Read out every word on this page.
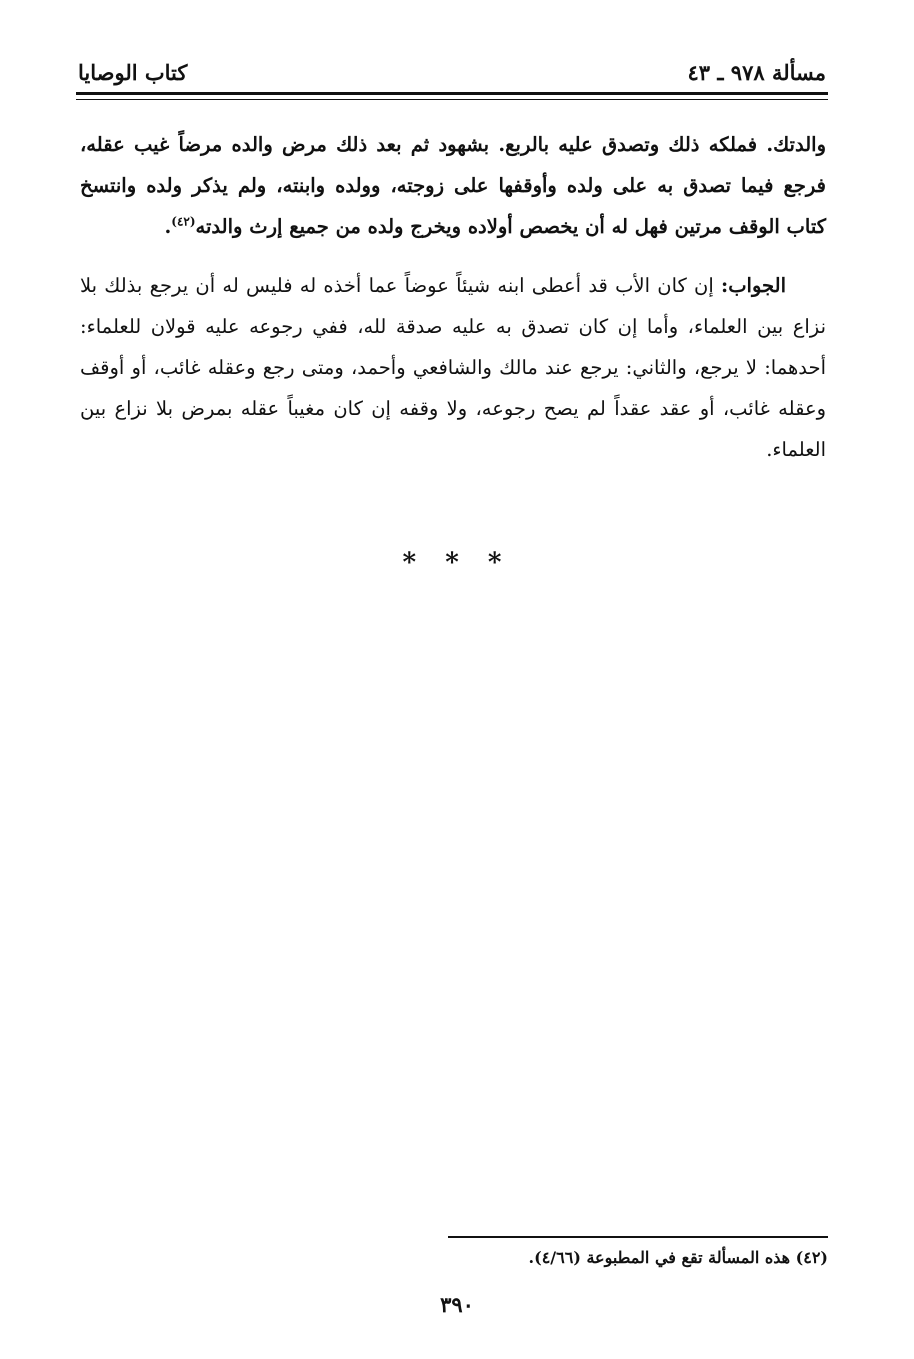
مسألة ٩٧٨ ـ ٤٣
كتاب الوصايا

والدتك. فملكه ذلك وتصدق عليه بالربع. بشهود ثم بعد ذلك مرض والده مرضاً غيب عقله، فرجع فيما تصدق به على ولده وأوقفها على زوجته، وولده وابنته، ولم يذكر ولده وانتسخ كتاب الوقف مرتين فهل له أن يخصص أولاده ويخرج ولده من جميع إرث والدته$^{(٤٢)}$.

الجواب: إن كان الأب قد أعطى ابنه شيئاً عوضاً عما أخذه له فليس له أن يرجع بذلك بلا نزاع بين العلماء، وأما إن كان تصدق به عليه صدقة لله، ففي رجوعه عليه قولان للعلماء: أحدهما: لا يرجع، والثاني: يرجع عند مالك والشافعي وأحمد، ومتى رجع وعقله غائب، أو أوقف وعقله غائب، أو عقد عقداً لم يصح رجوعه، ولا وقفه إن كان مغيباً عقله بمرض بلا نزاع بين العلماء.

* * *
(٤٢) هذه المسألة تقع في المطبوعة (٤/٦٦).
٣٩٠
